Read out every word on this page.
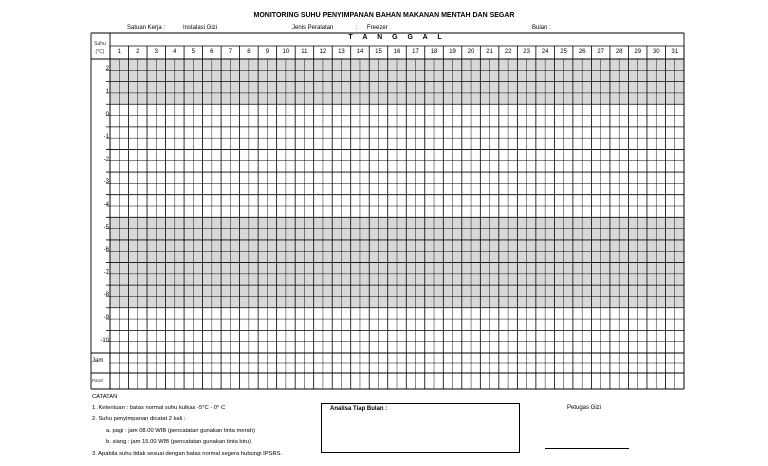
MONITORING SUHU PENYIMPANAN BAHAN MAKANAN MENTAH DAN SEGAR
Satuan Kerja :	Instalasi Gizi	Jenis Peralatan	: Freezer	Bulan :
T A N G G A L
Suhu
(°C)	1	2	3	4	5	6	7	8	9	10	11	12	13	14	15	16	17	18	19	20	21	22	23	24	25	26	27	28	29	30	31
2
1
0
-1
-2
-3
-4
-5
-6
-7
-8
-9
-10
Jam
Paraf
CATATAN
1. Ketentuan : batas normal suhu kulkas -5°C - 0° C
2. Suhu penyimpanan dicatat 2 kali :
a. pagi : jam 08.00 WIB (pencatatan gunakan tinta merah)
b. siang : jam 15.00 WIB (pencatatan gunakan tinta biru)
3. Apabila suhu tidak sesuai dengan batas normal segera hubungi IPSRS.
Analisa Tiap Bulan :	Petugas Gizi
